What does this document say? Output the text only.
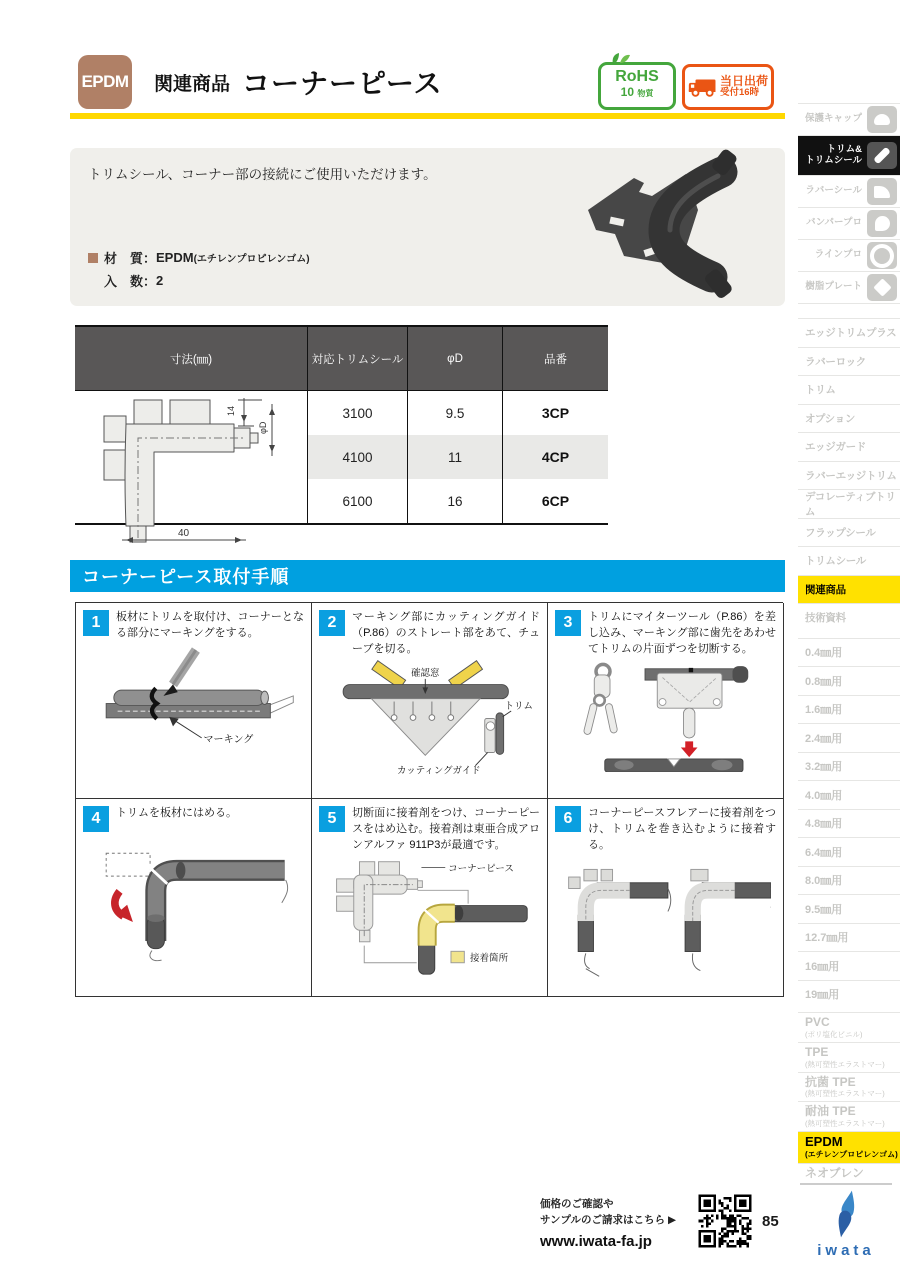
EPDM 関連商品 コーナーピース	RoHS
10 物質
当日出荷
受付16時

トリムシール、コーナー部の接続にご使用いただけます。

材　質： EPDM (エチレンプロピレンゴム)
入　数： 2
寸法(㎜)	対応トリムシール	φD	品番
14
φD
40
3100	9.5	3CP
4100	11	4CP
6100	16	6CP
コーナーピース取付手順
1	板材にトリムを取付け、コーナーとなる部分にマーキングをする。

マーキング
2	マーキング部にカッティングガイド（P.86）のストレート部をあて、チューブを切る。

確認窓
トリム
カッティングガイド
3	トリムにマイターツール（P.86）を差し込み、マーキング部に歯先をあわせてトリムの片面ずつを切断する。

4	トリムを板材にはめる。	5	切断面に接着剤をつけ、コーナーピースをはめ込む。接着剤は東亜合成アロンアルファ 911P3が最適です。

コーナーピース
接着箇所
6	コーナーピースフレアーに接着剤をつけ、トリムを巻き込むように接着する。

保護キャップ
トリム&
トリムシール
ラバーシール
バンパープロ
ラインプロ
樹脂プレート
エッジトリムプラス
ラバーロック
トリム
オプション
エッジガード
ラバーエッジトリム
デコレーティブトリム
フラップシール
トリムシール
関連商品
技術資料
0.4㎜用
0.8㎜用
1.6㎜用
2.4㎜用
3.2㎜用
4.0㎜用
4.8㎜用
6.4㎜用
8.0㎜用
9.5㎜用
12.7㎜用
16㎜用
19㎜用
PVC
(ポリ塩化ビニル)
TPE
(熱可塑性エラストマー)
抗菌 TPE
(熱可塑性エラストマー)
耐油 TPE
(熱可塑性エラストマー)
EPDM
(エチレンプロピレンゴム)
ネオブレン
価格のご確認や
サンプルのご請求はこちら ▶
www.iwata-fa.jp
85
iwata
